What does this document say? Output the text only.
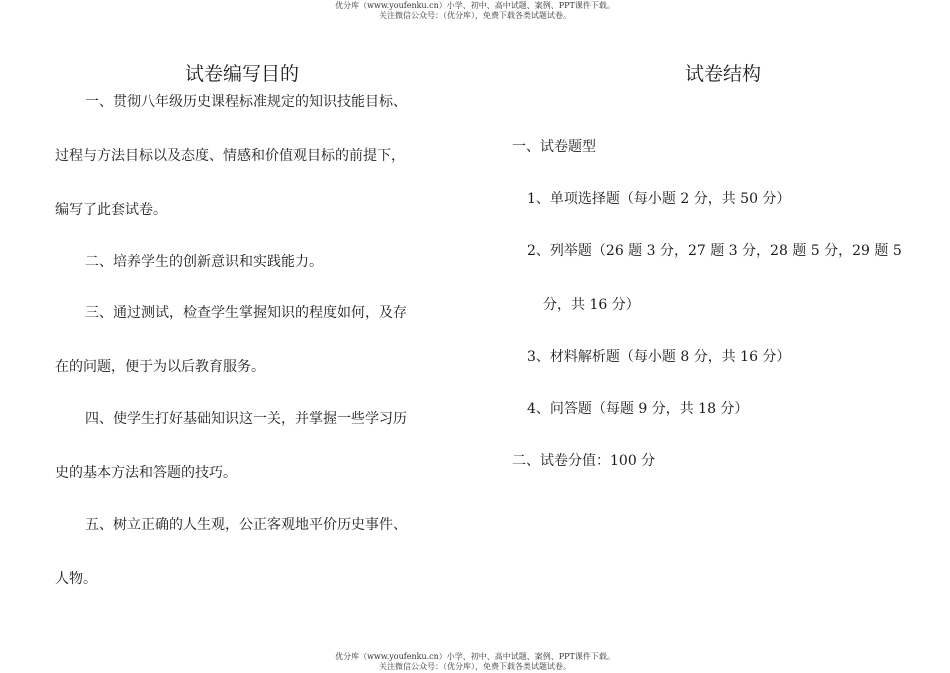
优分库（www.youfenku.cn）小学、初中、高中试题、案例、PPT课件下载。
关注微信公众号：（优分库），免费下载各类试题试卷。
试卷编写目的
一、贯彻八年级历史课程标准规定的知识技能目标、
过程与方法目标以及态度、情感和价值观目标的前提下，
编写了此套试卷。
二、培养学生的创新意识和实践能力。
三、通过测试，检查学生掌握知识的程度如何，及存
在的问题，便于为以后教育服务。
四、使学生打好基础知识这一关，并掌握一些学习历
史的基本方法和答题的技巧。
五、树立正确的人生观，公正客观地平价历史事件、
人物。
试卷结构
一、试卷题型
1、单项选择题（每小题 2 分，共 50 分）
2、列举题（26 题 3 分，27 题 3 分，28 题 5 分，29 题 5
分，共 16 分）
3、材料解析题（每小题 8 分，共 16 分）
4、问答题（每题 9 分，共 18 分）
二、试卷分值：100 分
优分库（www.youfenku.cn）小学、初中、高中试题、案例、PPT课件下载。
关注微信公众号：（优分库），免费下载各类试题试卷。
